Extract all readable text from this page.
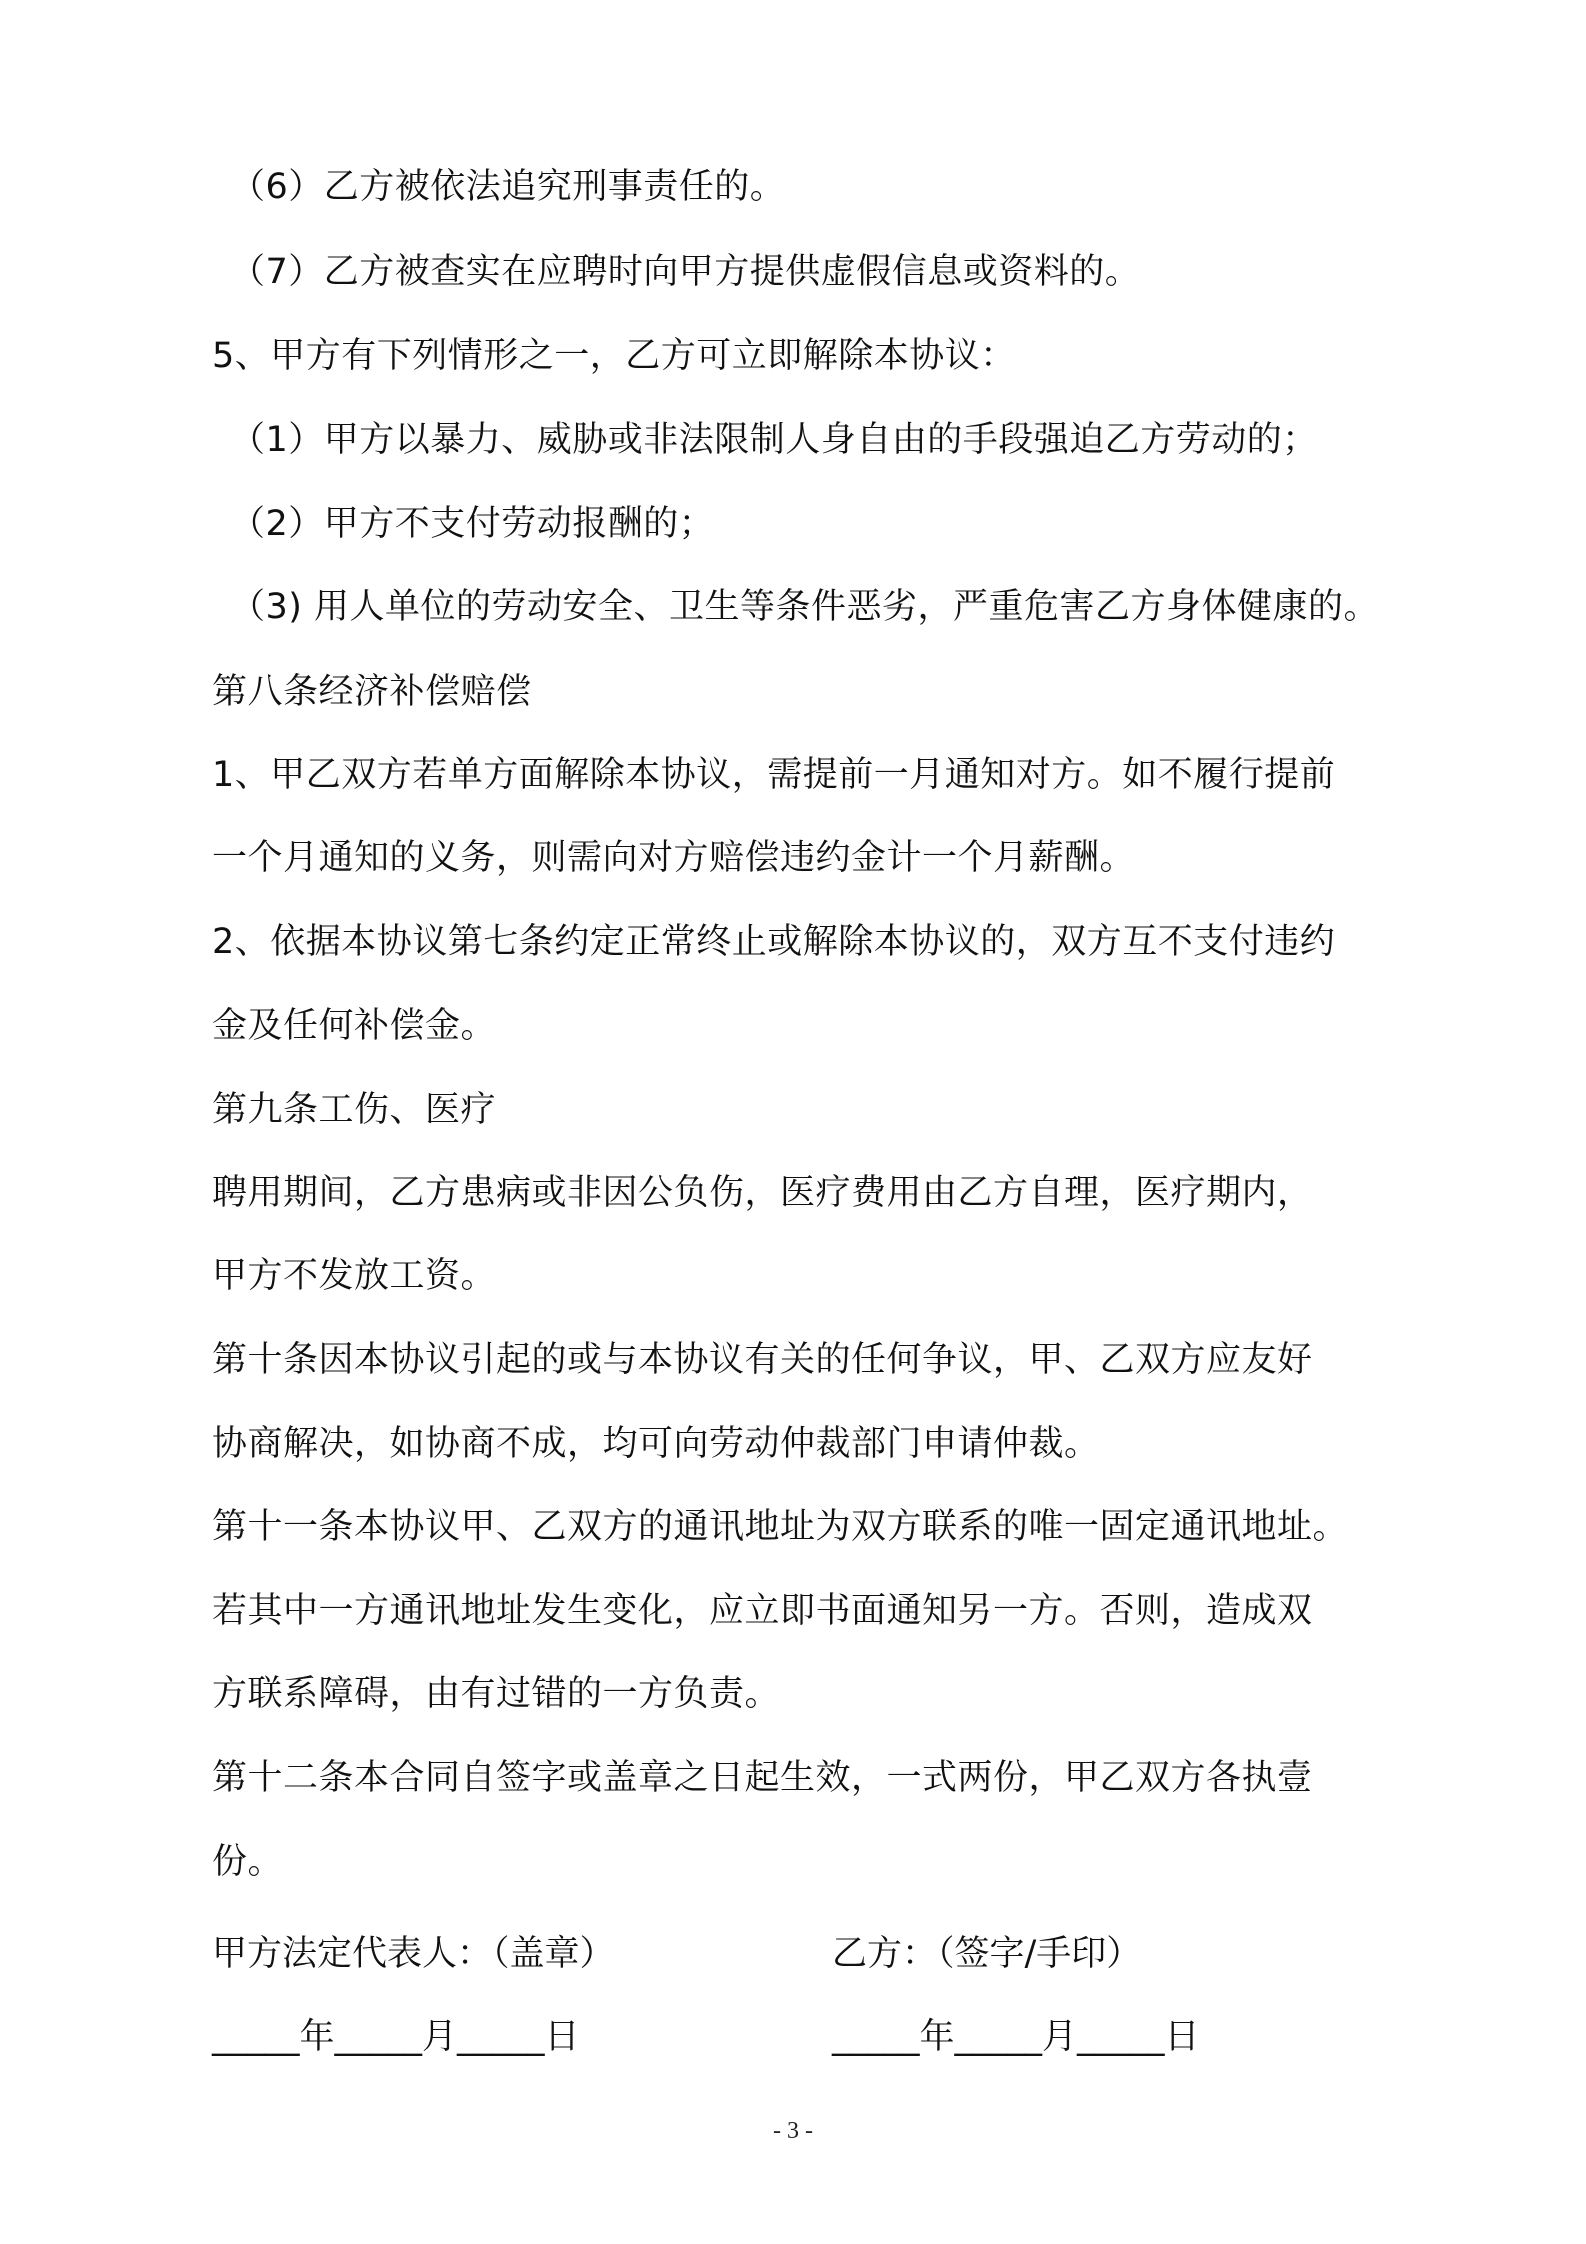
（6）乙方被依法追究刑事责任的。
（7）乙方被查实在应聘时向甲方提供虚假信息或资料的。
5、甲方有下列情形之一，乙方可立即解除本协议：
（1）甲方以暴力、威胁或非法限制人身自由的手段强迫乙方劳动的；
（2）甲方不支付劳动报酬的；
（3) 用人单位的劳动安全、卫生等条件恶劣，严重危害乙方身体健康的。
第八条经济补偿赔偿
1、甲乙双方若单方面解除本协议，需提前一月通知对方。如不履行提前
一个月通知的义务，则需向对方赔偿违约金计一个月薪酬。
2、依据本协议第七条约定正常终止或解除本协议的，双方互不支付违约
金及任何补偿金。
第九条工伤、医疗
聘用期间，乙方患病或非因公负伤，医疗费用由乙方自理，医疗期内，
甲方不发放工资。
第十条因本协议引起的或与本协议有关的任何争议，甲、乙双方应友好
协商解决，如协商不成，均可向劳动仲裁部门申请仲裁。
第十一条本协议甲、乙双方的通讯地址为双方联系的唯一固定通讯地址。
若其中一方通讯地址发生变化，应立即书面通知另一方。否则，造成双
方联系障碍，由有过错的一方负责。
第十二条本合同自签字或盖章之日起生效，一式两份，甲乙双方各执壹
份。
甲方法定代表人：（盖章）	乙方：（签字/手印）
_____年_____月_____日	_____年_____月_____日
- 3 -
